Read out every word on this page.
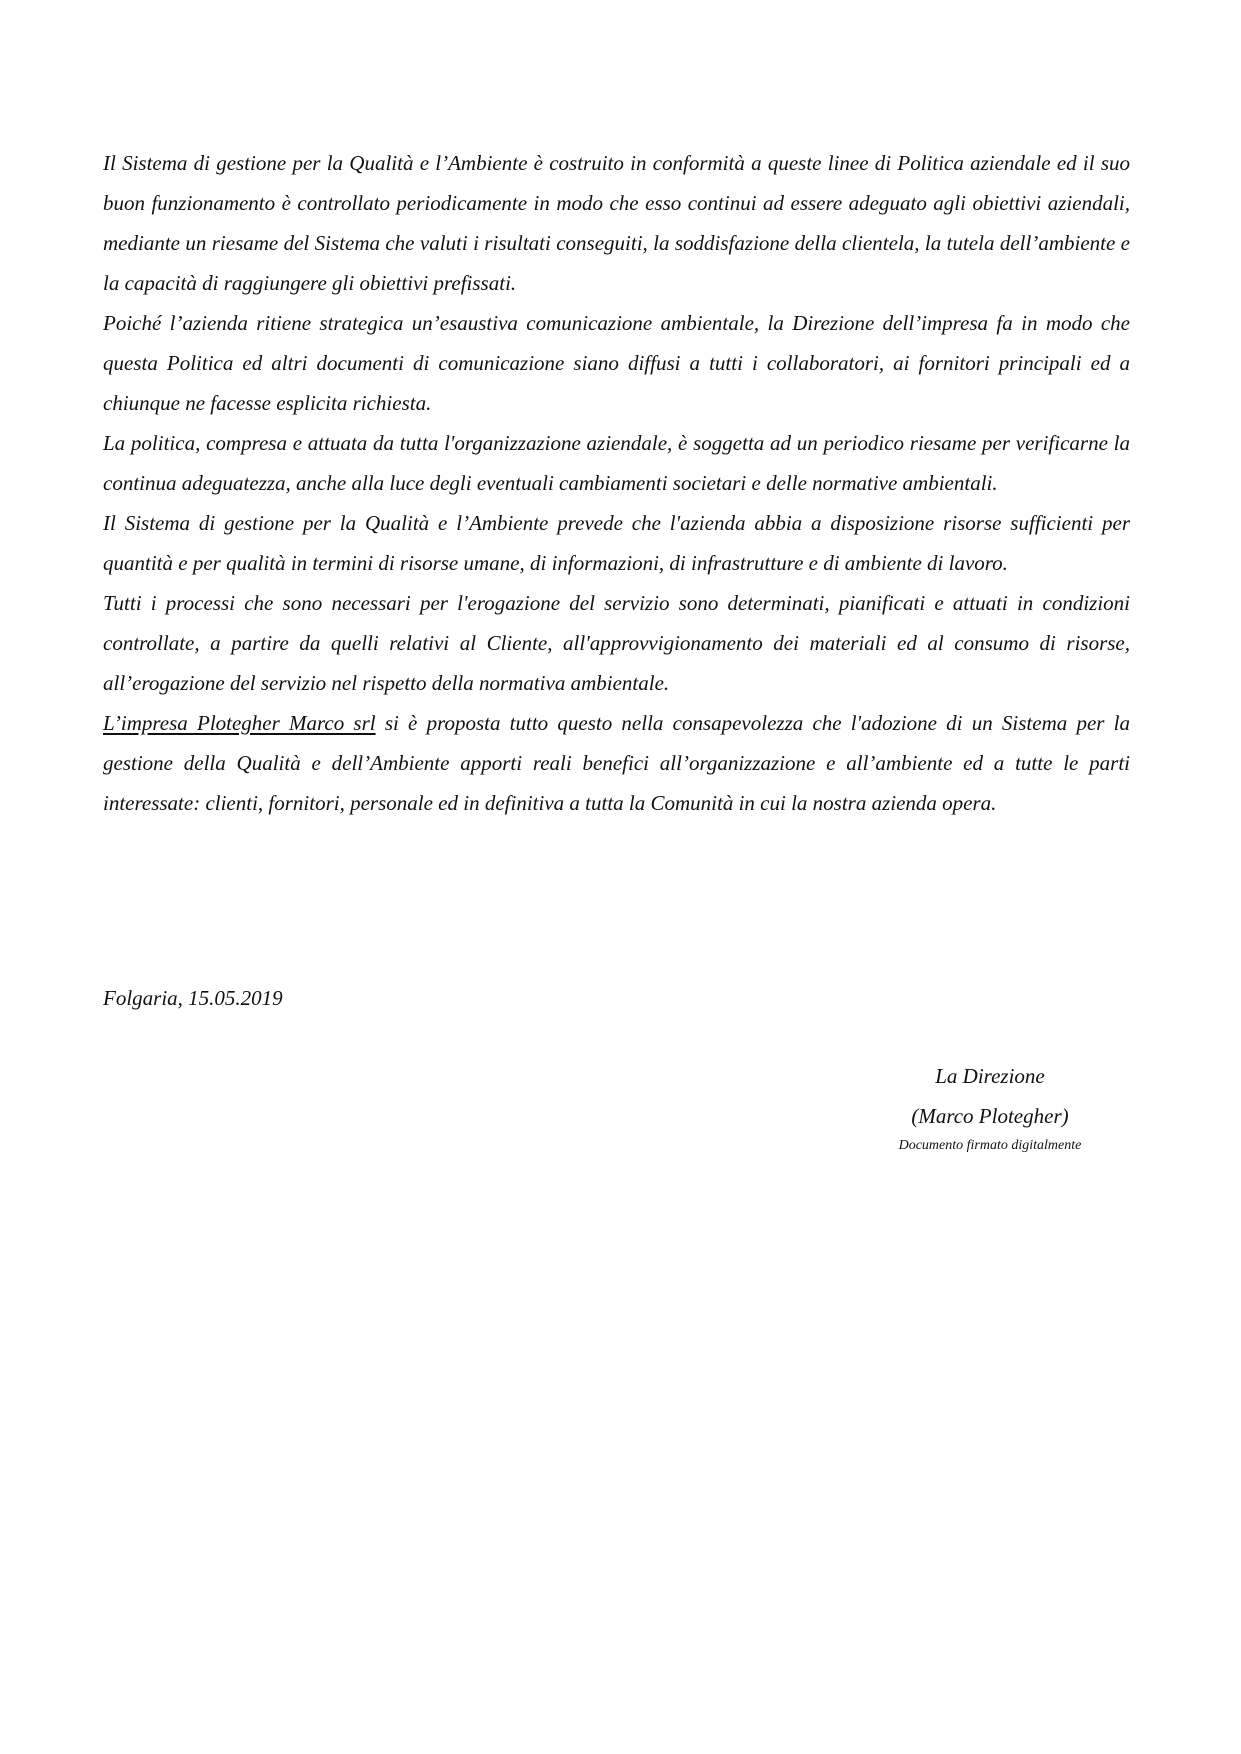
Il Sistema di gestione per la Qualità e l’Ambiente è costruito in conformità a queste linee di Politica aziendale ed il suo buon funzionamento è controllato periodicamente in modo che esso continui ad essere adeguato agli obiettivi aziendali, mediante un riesame del Sistema che valuti i risultati conseguiti, la soddisfazione della clientela, la tutela dell’ambiente e la capacità di raggiungere gli obiettivi prefissati.

Poiché l’azienda ritiene strategica un’esaustiva comunicazione ambientale, la Direzione dell’impresa fa in modo che questa Politica ed altri documenti di comunicazione siano diffusi a tutti i collaboratori, ai fornitori principali ed a chiunque ne facesse esplicita richiesta.

La politica, compresa e attuata da tutta l'organizzazione aziendale, è soggetta ad un periodico riesame per verificarne la continua adeguatezza, anche alla luce degli eventuali cambiamenti societari e delle normative ambientali.

Il Sistema di gestione per la Qualità e l’Ambiente prevede che l'azienda abbia a disposizione risorse sufficienti per quantità e per qualità in termini di risorse umane, di informazioni, di infrastrutture e di ambiente di lavoro.

Tutti i processi che sono necessari per l'erogazione del servizio sono determinati, pianificati e attuati in condizioni controllate, a partire da quelli relativi al Cliente, all'approvvigionamento dei materiali ed al consumo di risorse, all’erogazione del servizio nel rispetto della normativa ambientale.

L’impresa Plotegher Marco srl si è proposta tutto questo nella consapevolezza che l'adozione di un Sistema per la gestione della Qualità e dell’Ambiente apporti reali benefici all’organizzazione e all’ambiente ed a tutte le parti interessate: clienti, fornitori, personale ed in definitiva a tutta la Comunità in cui la nostra azienda opera.

Folgaria, 15.05.2019

La Direzione

(Marco Plotegher)

Documento firmato digitalmente
